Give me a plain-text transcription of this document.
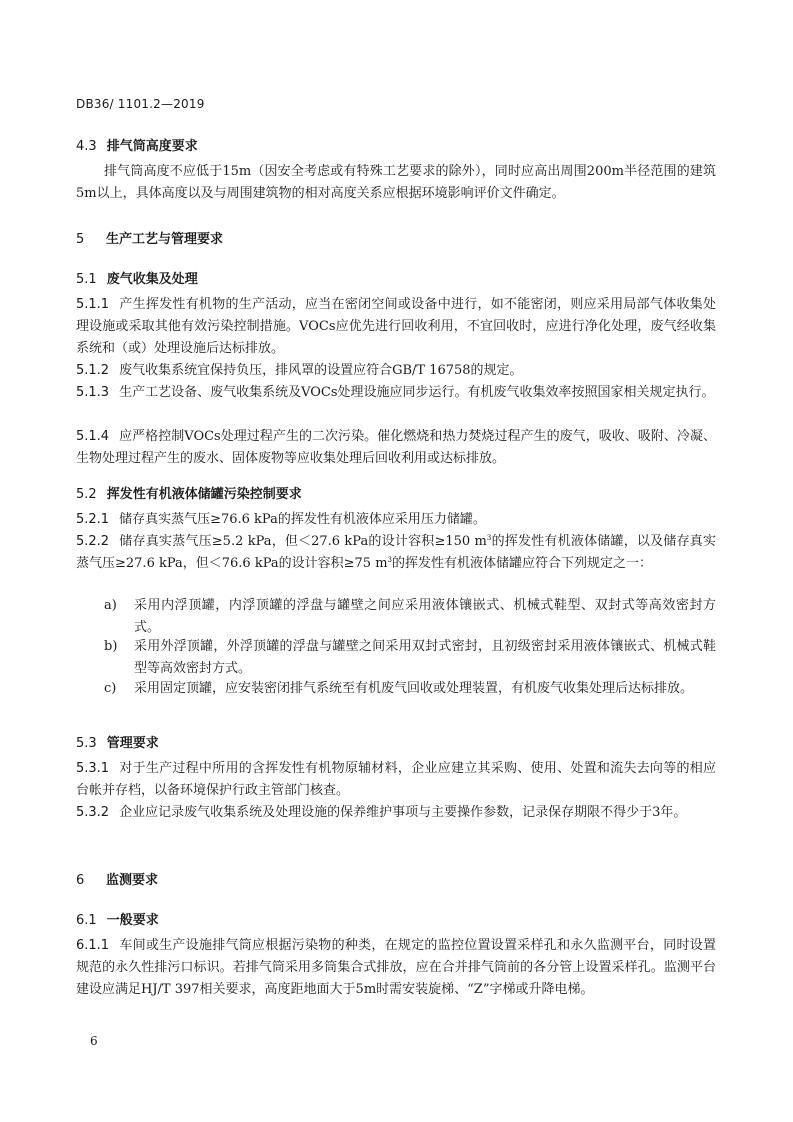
DB36/ 1101.2—2019
4.3 排气筒高度要求
排气筒高度不应低于15m（因安全考虑或有特殊工艺要求的除外），同时应高出周围200m半径范围的建筑5m以上，具体高度以及与周围建筑物的相对高度关系应根据环境影响评价文件确定。
5 生产工艺与管理要求
5.1 废气收集及处理
5.1.1 产生挥发性有机物的生产活动，应当在密闭空间或设备中进行，如不能密闭，则应采用局部气体收集处理设施或采取其他有效污染控制措施。VOCs应优先进行回收利用，不宜回收时，应进行净化处理，废气经收集系统和（或）处理设施后达标排放。
5.1.2 废气收集系统宜保持负压，排风罩的设置应符合GB/T 16758的规定。
5.1.3 生产工艺设备、废气收集系统及VOCs处理设施应同步运行。有机废气收集效率按照国家相关规定执行。
5.1.4 应严格控制VOCs处理过程产生的二次污染。催化燃烧和热力焚烧过程产生的废气，吸收、吸附、冷凝、生物处理过程产生的废水、固体废物等应收集处理后回收利用或达标排放。
5.2 挥发性有机液体储罐污染控制要求
5.2.1 储存真实蒸气压≥76.6 kPa的挥发性有机液体应采用压力储罐。
5.2.2 储存真实蒸气压≥5.2 kPa，但＜27.6 kPa的设计容积≥150 $m^3$的挥发性有机液体储罐，以及储存真实蒸气压≥27.6 kPa，但＜76.6 kPa的设计容积≥75 $m^3$的挥发性有机液体储罐应符合下列规定之一：
a) 采用内浮顶罐，内浮顶罐的浮盘与罐壁之间应采用液体镶嵌式、机械式鞋型、双封式等高效密封方式。
b) 采用外浮顶罐，外浮顶罐的浮盘与罐壁之间采用双封式密封，且初级密封采用液体镶嵌式、机械式鞋型等高效密封方式。
c) 采用固定顶罐，应安装密闭排气系统至有机废气回收或处理装置，有机废气收集处理后达标排放。
5.3 管理要求
5.3.1 对于生产过程中所用的含挥发性有机物原辅材料，企业应建立其采购、使用、处置和流失去向等的相应台帐并存档，以备环境保护行政主管部门核查。
5.3.2 企业应记录废气收集系统及处理设施的保养维护事项与主要操作参数，记录保存期限不得少于3年。
6 监测要求
6.1 一般要求
6.1.1 车间或生产设施排气筒应根据污染物的种类，在规定的监控位置设置采样孔和永久监测平台，同时设置规范的永久性排污口标识。若排气筒采用多筒集合式排放，应在合并排气筒前的各分管上设置采样孔。监测平台建设应满足HJ/T 397相关要求，高度距地面大于5m时需安装旋梯、“Z”字梯或升降电梯。
6
